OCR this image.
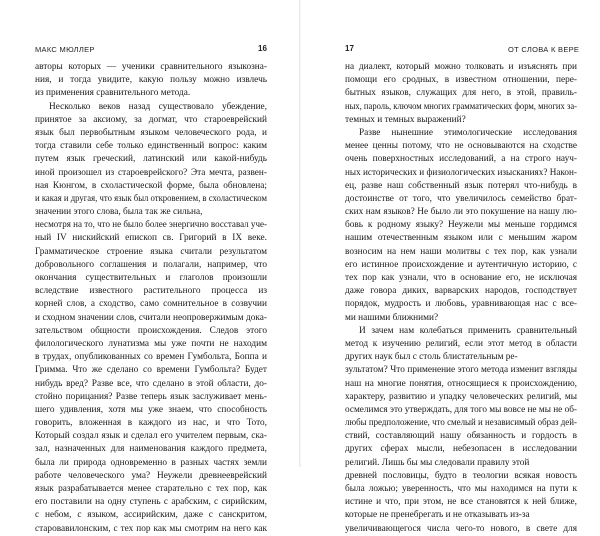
МАКС МЮЛЛЕР	16
авторы которых — ученики сравнительного языкозна-
ния, и тогда увидите, какую пользу можно извлечь
из применения сравнительного метода.
Несколько веков назад существовало убеждение,
принятое за аксиому, за догмат, что староеврейский
язык был первобытным языком человеческого рода, и
тогда ставили себе только единственный вопрос: каким
путем язык греческий, латинский или какой-нибудь
иной произошел из староеврейского? Эта мечта, развен-
ная Кюнгом, в схоластической форме, была обновлена;
и какая и другая, что язык был откровением, в схоластическом
значении этого слова, была так же сильна,
несмотря на то, что не было более энергично восставал уче-
ный IV нискийский епископ св. Григорий в IX веке.
Грамматическое строение языка считали результатом
добровольного соглашения и полагали, например, что
окончания существительных и глаголов произошли
вследствие известного растительного процесса из
корней слов, а сходство, само сомнительное в созвучии
и сходном значении слов, считали неопровержимым дока-
зательством общности происхождения. Следов этого
филологического лунатизма мы уже почти не находим
в трудах, опубликованных со времен Гумбольта, Боппа и
Гримма. Что же сделано со времени Гумбольта? Будет
нибудь вред? Разве все, что сделано в этой области, до-
стойно порицания? Разве теперь язык заслуживает мень-
шего удивления, хотя мы уже знаем, что способность
говорить, вложенная в каждого из нас, и что Тото,
Который создал язык и сделал его учителем первым, ска-
зал, назначенных для наименования каждого предмета,
была ли природа одновременно в разных частях земли
работе человеческого ума? Неужели древнееврейский
язык разрабатывается менее старательно с тех пор, как
его поставили на одну ступень с арабским, с сирийским,
с небом, с языком, ассирийским, даже с санскритом,
старовавилонским, с тех пор как мы смотрим на него как
17	ОТ СЛОВА К ВЕРЕ
на диалект, который можно толковать и изъяснять при
помощи его сродных, в известном отношении, пере-
бытных языков, служащих для него, в этой, правиль-
ных, пароль, ключом многих грамматических форм, многих за-
темных и темных выражений?
Разве нынешние этимологические исследования
менее ценны потому, что не основываются на сходстве
очень поверхностных исследований, а на строго науч-
ных исторических и физиологических изысканиях? Након-
ец, разве наш собственный язык потерял что-нибудь в
достоинстве от того, что увеличилось семейство брат-
ских нам языков? Не было ли это покушение на нашу лю-
бовь к родному языку? Неужели мы меньше гордимся
нашим отечественным языком или с меньшим жаром
возносим на нем наши молитвы с тех пор, как узнали
его истинное происхождение и аутентичную историю, с
тех пор как узнали, что в основание его, не исключая
даже говора диких, варварских народов, господствует
порядок, мудрость и любовь, уравнивающая нас с все-
ми нашими ближними?
И зачем нам колебаться применить сравнительный
метод к изучению религий, если этот метод в области
других наук был с столь блистательным ре-
зультатом? Что применение этого метода изменит взгляды
наш на многие понятия, относящиеся к происхождению,
характеру, развитию и упадку человеческих религий, мы
осмелимся это утверждать, для того мы вовсе не мы не об-
любы предположение, что смелый и независимый образ дей-
ствий, составляющий нашу обязанность и гордость в
других сферах мысли, небезопасен в исследовании
религий. Лишь бы мы следовали правилу этой
древней пословицы, будто в теологии всякая новость
была ложью; уверенность, что мы находимся на пути к
истине и что, при этом, не все становятся к ней ближе,
которые не пренебрегать и не отказывать из-за
увеличивающегося числа чего-то нового, в свете для
